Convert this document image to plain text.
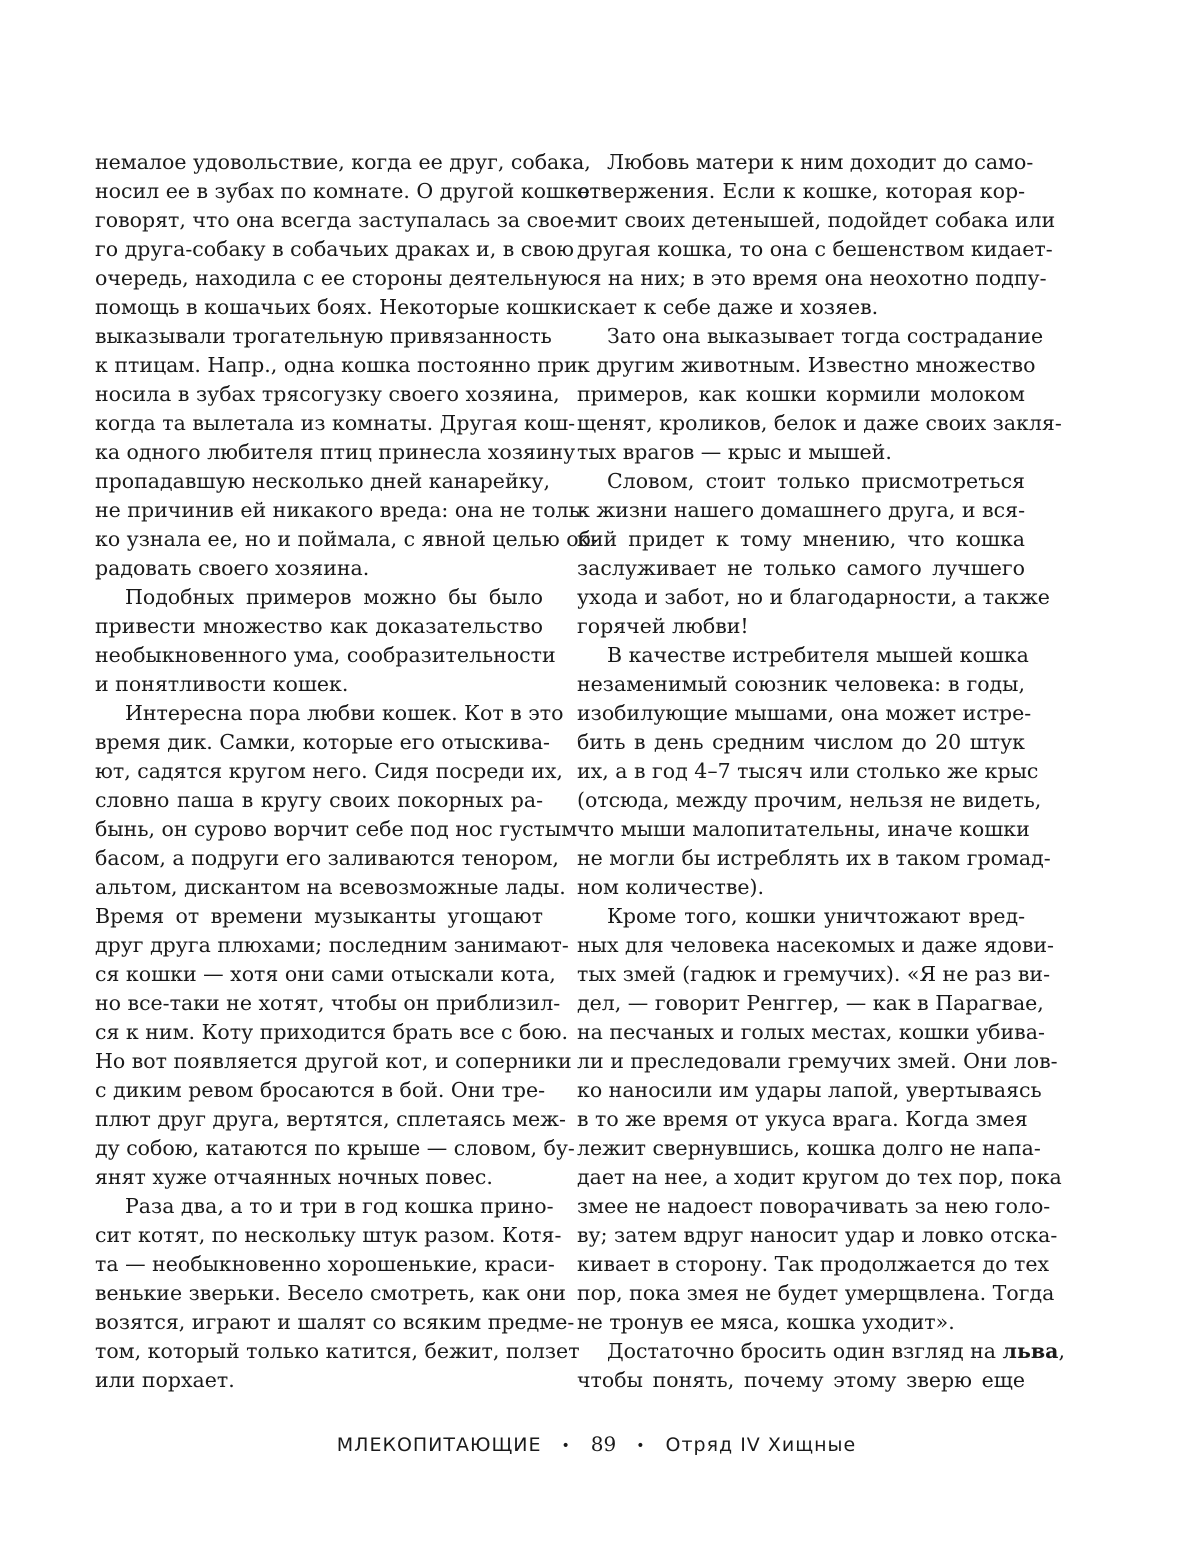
немалое удовольствие, когда ее друг, собака,
носил ее в зубах по комнате. О другой кошке
говорят, что она всегда заступалась за свое-
го друга-собаку в собачьих драках и, в свою
очередь, находила с ее стороны деятельную
помощь в кошачьих боях. Некоторые кошки
выказывали трогательную привязанность
к птицам. Напр., одна кошка постоянно при-
носила в зубах трясогузку своего хозяина,
когда та вылетала из комнаты. Другая кош-
ка одного любителя птиц принесла хозяину
пропадавшую несколько дней канарейку,
не причинив ей никакого вреда: она не толь-
ко узнала ее, но и поймала, с явной целью об-
радовать своего хозяина.
Подобных примеров можно бы было
привести множество как доказательство
необыкновенного ума, сообразительности
и понятливости кошек.
Интересна пора любви кошек. Кот в это
время дик. Самки, которые его отыскива-
ют, садятся кругом него. Сидя посреди их,
словно паша в кругу своих покорных ра-
бынь, он сурово ворчит себе под нос густым
басом, а подруги его заливаются тенором,
альтом, дискантом на всевозможные лады.
Время от времени музыканты угощают
друг друга плюхами; последним занимают-
ся кошки — хотя они сами отыскали кота,
но все-таки не хотят, чтобы он приблизил-
ся к ним. Коту приходится брать все с бою.
Но вот появляется другой кот, и соперники
с диким ревом бросаются в бой. Они тре-
плют друг друга, вертятся, сплетаясь меж-
ду собою, катаются по крыше — словом, бу-
янят хуже отчаянных ночных повес.
Раза два, а то и три в год кошка прино-
сит котят, по нескольку штук разом. Котя-
та — необыкновенно хорошенькие, краси-
венькие зверьки. Весело смотреть, как они
возятся, играют и шалят со всяким предме-
том, который только катится, бежит, ползет
или порхает.
Любовь матери к ним доходит до само-
отвержения. Если к кошке, которая кор-
мит своих детенышей, подойдет собака или
другая кошка, то она с бешенством кидает-
ся на них; в это время она неохотно подпу-
скает к себе даже и хозяев.
Зато она выказывает тогда сострадание
к другим животным. Известно множество
примеров, как кошки кормили молоком
щенят, кроликов, белок и даже своих закля-
тых врагов — крыс и мышей.
Словом, стоит только присмотреться
к жизни нашего домашнего друга, и вся-
кий придет к тому мнению, что кошка
заслуживает не только самого лучшего
ухода и забот, но и благодарности, а также
горячей любви!
В качестве истребителя мышей кошка
незаменимый союзник человека: в годы,
изобилующие мышами, она может истре-
бить в день средним числом до 20 штук
их, а в год 4–7 тысяч или столько же крыс
(отсюда, между прочим, нельзя не видеть,
что мыши малопитательны, иначе кошки
не могли бы истреблять их в таком громад-
ном количестве).
Кроме того, кошки уничтожают вред-
ных для человека насекомых и даже ядови-
тых змей (гадюк и гремучих). «Я не раз ви-
дел, — говорит Ренггер, — как в Парагвае,
на песчаных и голых местах, кошки убива-
ли и преследовали гремучих змей. Они лов-
ко наносили им удары лапой, увертываясь
в то же время от укуса врага. Когда змея
лежит свернувшись, кошка долго не напа-
дает на нее, а ходит кругом до тех пор, пока
змее не надоест поворачивать за нею голо-
ву; затем вдруг наносит удар и ловко отска-
кивает в сторону. Так продолжается до тех
пор, пока змея не будет умерщвлена. Тогда
не тронув ее мяса, кошка уходит».
Достаточно бросить один взгляд на льва,
чтобы понять, почему этому зверю еще
МЛЕКОПИТАЮЩИЕ • 89 • Отряд IV Хищные
